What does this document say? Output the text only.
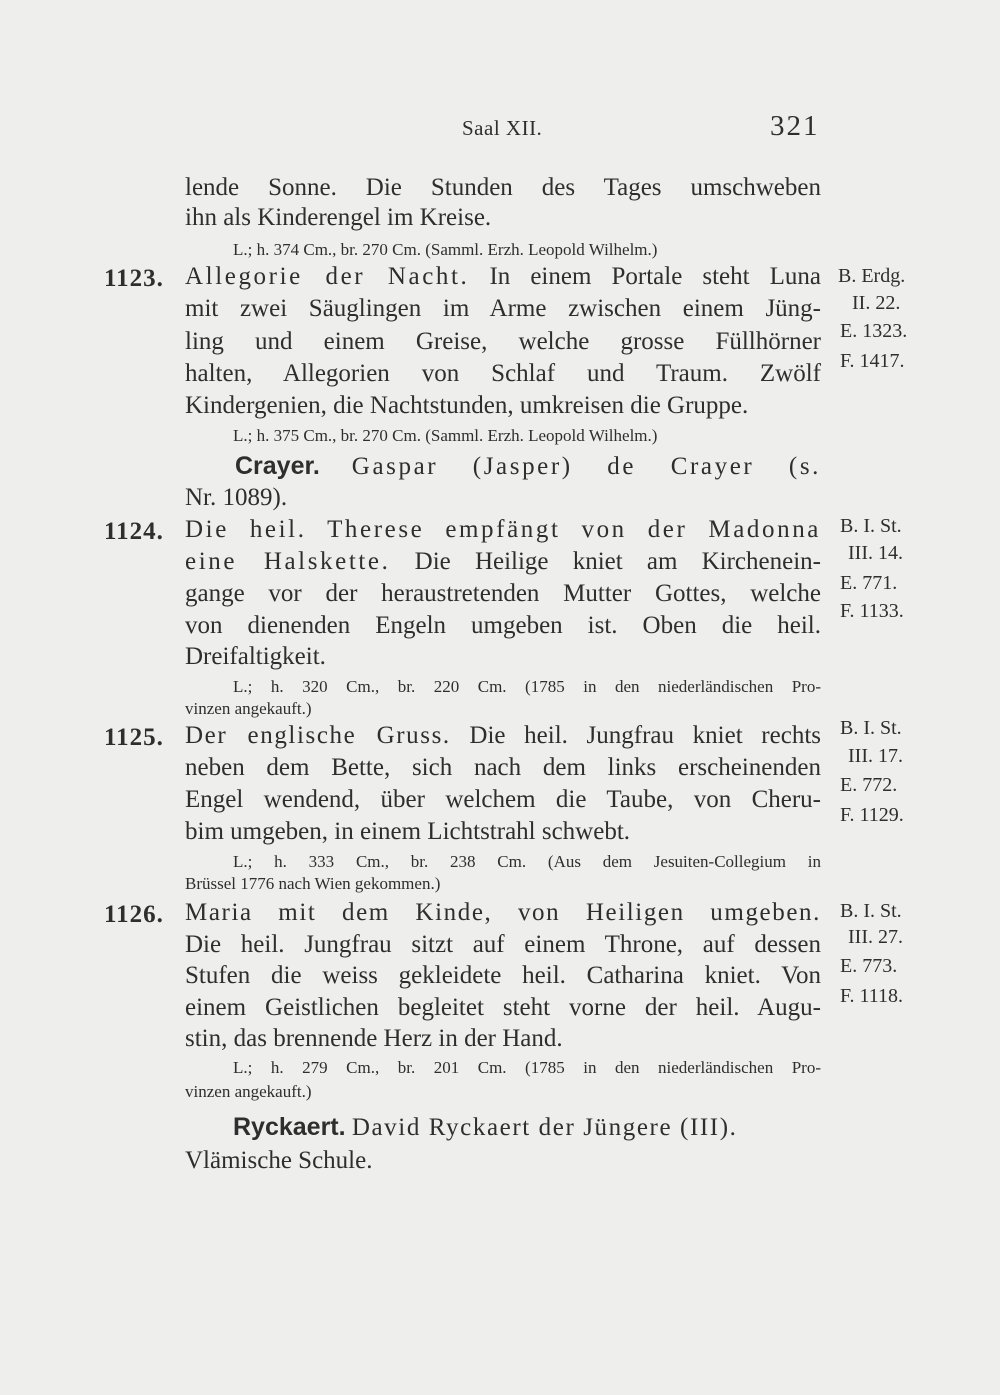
Saal XII.	321
lende Sonne. Die Stunden des Tages umschweben
ihn als Kinderengel im Kreise.
L.; h. 374 Cm., br. 270 Cm. (Samml. Erzh. Leopold Wilhelm.)
1123. Allegorie der Nacht. In einem Portale steht Luna
mit zwei Säuglingen im Arme zwischen einem Jüng-
ling und einem Greise, welche grosse Füllhörner
halten, Allegorien von Schlaf und Traum. Zwölf
Kindergenien, die Nachtstunden, umkreisen die Gruppe.
L.; h. 375 Cm., br. 270 Cm. (Samml. Erzh. Leopold Wilhelm.)
B. Erdg.
II. 22.
E. 1323.
F. 1417.
Crayer. Gaspar (Jasper) de Crayer (s.
Nr. 1089).
1124. Die heil. Therese empfängt von der Madonna
eine Halskette. Die Heilige kniet am Kirchenein-
gange vor der heraustretenden Mutter Gottes, welche
von dienenden Engeln umgeben ist. Oben die heil.
Dreifaltigkeit.
L.; h. 320 Cm., br. 220 Cm. (1785 in den niederländischen Pro-
vinzen angekauft.)
B. I. St.
III. 14.
E. 771.
F. 1133.
1125. Der englische Gruss. Die heil. Jungfrau kniet rechts
neben dem Bette, sich nach dem links erscheinenden
Engel wendend, über welchem die Taube, von Cheru-
bim umgeben, in einem Lichtstrahl schwebt.
L.; h. 333 Cm., br. 238 Cm. (Aus dem Jesuiten-Collegium in
Brüssel 1776 nach Wien gekommen.)
B. I. St.
III. 17.
E. 772.
F. 1129.
1126. Maria mit dem Kinde, von Heiligen umgeben.
Die heil. Jungfrau sitzt auf einem Throne, auf dessen
Stufen die weiss gekleidete heil. Catharina kniet. Von
einem Geistlichen begleitet steht vorne der heil. Augu-
stin, das brennende Herz in der Hand.
L.; h. 279 Cm., br. 201 Cm. (1785 in den niederländischen Pro-
vinzen angekauft.)
B. I. St.
III. 27.
E. 773.
F. 1118.
Ryckaert. David Ryckaert der Jüngere (III).
Vlämische Schule.
